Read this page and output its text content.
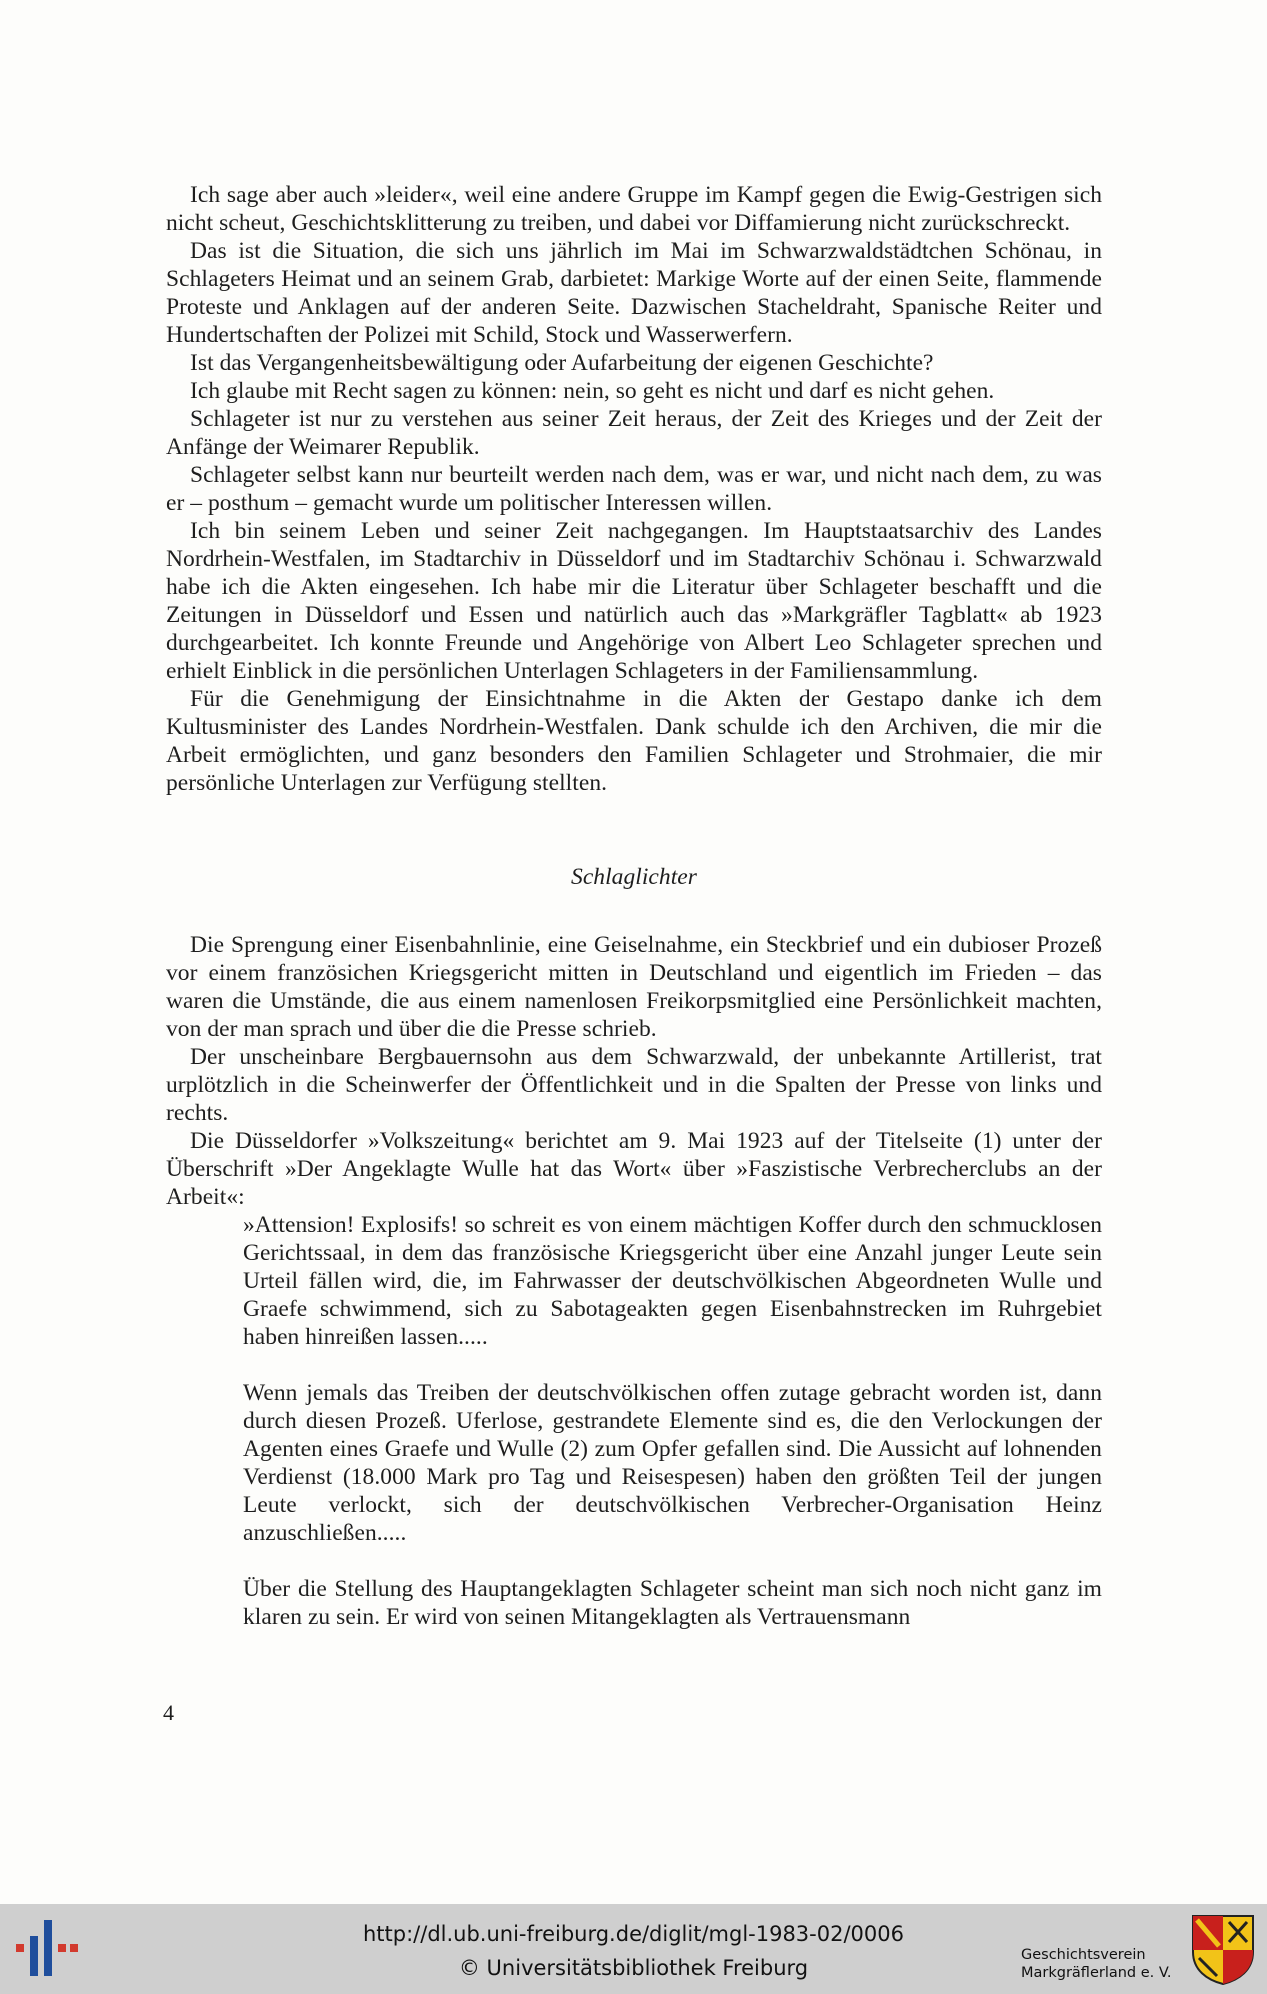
Ich sage aber auch »leider«, weil eine andere Gruppe im Kampf gegen die Ewig-Gestrigen sich nicht scheut, Geschichtsklitterung zu treiben, und dabei vor Diffamierung nicht zurückschreckt.

Das ist die Situation, die sich uns jährlich im Mai im Schwarzwaldstädtchen Schönau, in Schlageters Heimat und an seinem Grab, darbietet: Markige Worte auf der einen Seite, flammende Proteste und Anklagen auf der anderen Seite. Dazwischen Stacheldraht, Spanische Reiter und Hundertschaften der Polizei mit Schild, Stock und Wasserwerfern.

Ist das Vergangenheitsbewältigung oder Aufarbeitung der eigenen Geschichte?

Ich glaube mit Recht sagen zu können: nein, so geht es nicht und darf es nicht gehen.

Schlageter ist nur zu verstehen aus seiner Zeit heraus, der Zeit des Krieges und der Zeit der Anfänge der Weimarer Republik.

Schlageter selbst kann nur beurteilt werden nach dem, was er war, und nicht nach dem, zu was er – posthum – gemacht wurde um politischer Interessen willen.

Ich bin seinem Leben und seiner Zeit nachgegangen. Im Hauptstaatsarchiv des Landes Nordrhein-Westfalen, im Stadtarchiv in Düsseldorf und im Stadtarchiv Schönau i. Schwarzwald habe ich die Akten eingesehen. Ich habe mir die Literatur über Schlageter beschafft und die Zeitungen in Düsseldorf und Essen und natürlich auch das »Markgräfler Tagblatt« ab 1923 durchgearbeitet. Ich konnte Freunde und Angehörige von Albert Leo Schlageter sprechen und erhielt Einblick in die persönlichen Unterlagen Schlageters in der Familiensammlung.

Für die Genehmigung der Einsichtnahme in die Akten der Gestapo danke ich dem Kultusminister des Landes Nordrhein-Westfalen. Dank schulde ich den Archiven, die mir die Arbeit ermöglichten, und ganz besonders den Familien Schlageter und Strohmaier, die mir persönliche Unterlagen zur Verfügung stellten.

Schlaglichter

Die Sprengung einer Eisenbahnlinie, eine Geiselnahme, ein Steckbrief und ein dubioser Prozeß vor einem französichen Kriegsgericht mitten in Deutschland und eigentlich im Frieden – das waren die Umstände, die aus einem namenlosen Freikorpsmitglied eine Persönlichkeit machten, von der man sprach und über die die Presse schrieb.

Der unscheinbare Bergbauernsohn aus dem Schwarzwald, der unbekannte Artillerist, trat urplötzlich in die Scheinwerfer der Öffentlichkeit und in die Spalten der Presse von links und rechts.

Die Düsseldorfer »Volkszeitung« berichtet am 9. Mai 1923 auf der Titelseite (1) unter der Überschrift »Der Angeklagte Wulle hat das Wort« über »Faszistische Verbrecherclubs an der Arbeit«:

»Attension! Explosifs! so schreit es von einem mächtigen Koffer durch den schmucklosen Gerichtssaal, in dem das französische Kriegsgericht über eine Anzahl junger Leute sein Urteil fällen wird, die, im Fahrwasser der deutschvölkischen Abgeordneten Wulle und Graefe schwimmend, sich zu Sabotageakten gegen Eisenbahnstrecken im Ruhrgebiet haben hinreißen lassen.....

Wenn jemals das Treiben der deutschvölkischen offen zutage gebracht worden ist, dann durch diesen Prozeß. Uferlose, gestrandete Elemente sind es, die den Verlockungen der Agenten eines Graefe und Wulle (2) zum Opfer gefallen sind. Die Aussicht auf lohnenden Verdienst (18.000 Mark pro Tag und Reisespesen) haben den größten Teil der jungen Leute verlockt, sich der deutschvölkischen Verbrecher-Organisation Heinz anzuschließen.....

Über die Stellung des Hauptangeklagten Schlageter scheint man sich noch nicht ganz im klaren zu sein. Er wird von seinen Mitangeklagten als Vertrauensmann

4
http://dl.ub.uni-freiburg.de/diglit/mgl-1983-02/0006
© Universitätsbibliothek Freiburg
Geschichtsverein
Markgräflerland e. V.
